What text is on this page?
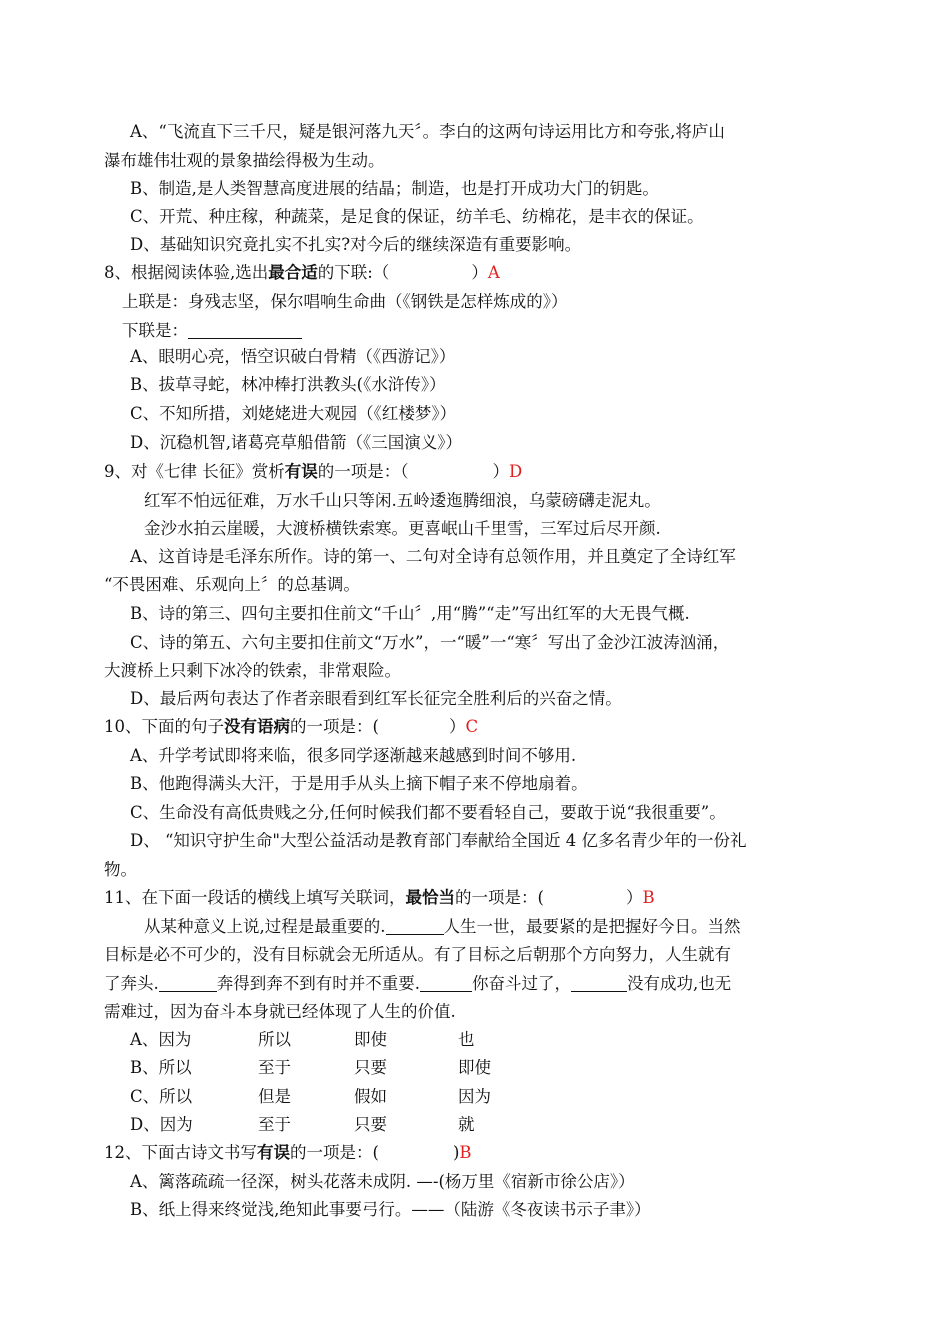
A、“飞流直下三千尺，疑是银河落九天〞。李白的这两句诗运用比方和夸张,将庐山
瀑布雄伟壮观的景象描绘得极为生动。
B、制造,是人类智慧高度进展的结晶；制造，也是打开成功大门的钥匙。
C、开荒、种庄稼，种蔬菜，是足食的保证，纺羊毛、纺棉花，是丰衣的保证。
D、基础知识究竟扎实不扎实?对今后的继续深造有重要影响。
8、根据阅读体验,选出最合适的下联:（	）A
上联是：身残志坚，保尔唱响生命曲（《钢铁是怎样炼成的》）
下联是：
A、眼明心亮，悟空识破白骨精（《西游记》）
B、拔草寻蛇，林冲棒打洪教头(《水浒传》）
C、不知所措，刘姥姥进大观园（《红楼梦》）
D、沉稳机智,诸葛亮草船借箭（《三国演义》）
9、对《七律 长征》赏析有误的一项是：（	）D
红军不怕远征难，万水千山只等闲.五岭逶迤腾细浪，乌蒙磅礴走泥丸。
金沙水拍云崖暖，大渡桥横铁索寒。更喜岷山千里雪，三军过后尽开颜.
A、这首诗是毛泽东所作。诗的第一、二句对全诗有总领作用，并且奠定了全诗红军
“不畏困难、乐观向上〞的总基调。
B、诗的第三、四句主要扣住前文“千山〞,用“腾”“走”写出红军的大无畏气概.
C、诗的第五、六句主要扣住前文“万水”，一“暖”一“寒〞写出了金沙江波涛汹涌，
大渡桥上只剩下冰冷的铁索，非常艰险。
D、最后两句表达了作者亲眼看到红军长征完全胜利后的兴奋之情。
10、下面的句子没有语病的一项是：(	）C
A、升学考试即将来临，很多同学逐渐越来越感到时间不够用.
B、他跑得满头大汗，于是用手从头上摘下帽子来不停地扇着。
C、生命没有高低贵贱之分,任何时候我们都不要看轻自己，要敢于说“我很重要”。
D、 “知识守护生命"大型公益活动是教育部门奉献给全国近 4 亿多名青少年的一份礼
物。
11、在下面一段话的横线上填写关联词，最恰当的一项是：(	）B
从某种意义上说,过程是最重要的.	人生一世，最要紧的是把握好今日。当然
目标是必不可少的，没有目标就会无所适从。有了目标之后朝那个方向努力，人生就有
了奔头.	奔得到奔不到有时并不重要.	你奋斗过了，	没有成功,也无
需难过，因为奋斗本身就已经体现了人生的价值.
A、因为	所以	即使	也
B、所以	至于	只要	即使
C、所以	但是	假如	因为
D、因为	至于	只要	就
12、下面古诗文书写有误的一项是：(	)B
A、篱落疏疏一径深，树头花落未成阴. —-(杨万里《宿新市徐公店》）
B、纸上得来终觉浅,绝知此事要弓行。——（陆游《冬夜读书示子聿》）
